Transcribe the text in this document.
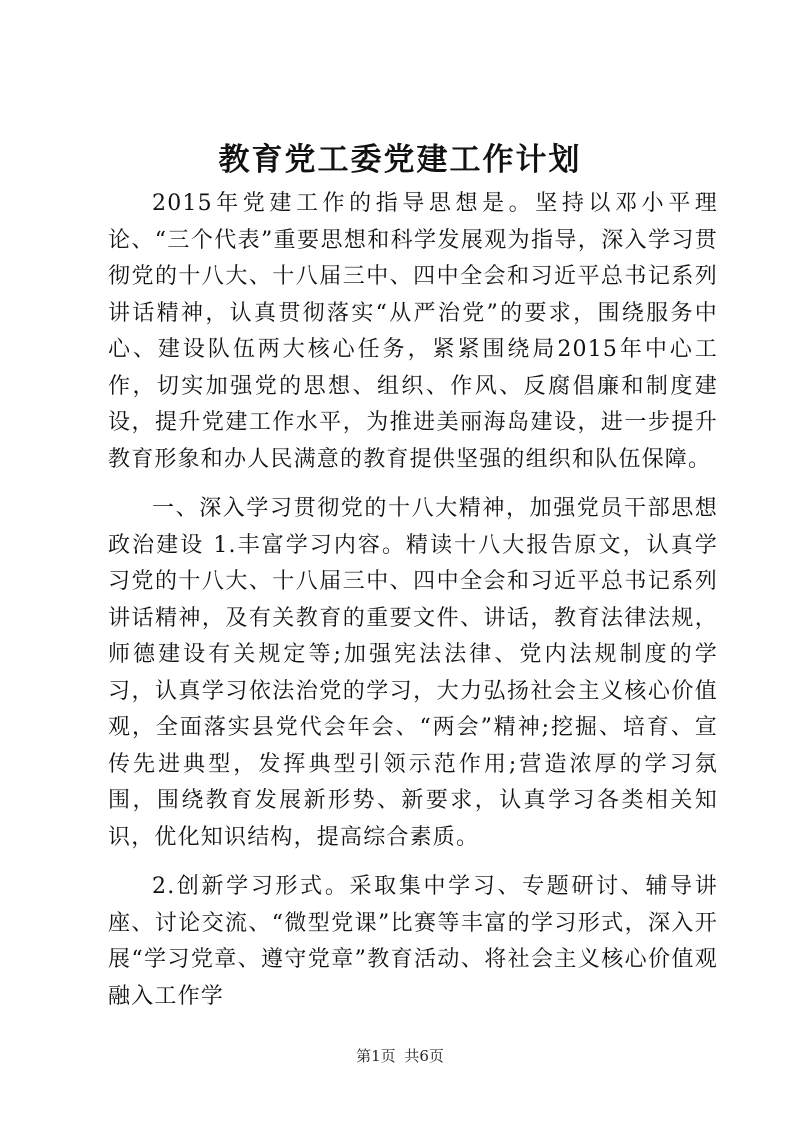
教育党工委党建工作计划

2015年党建工作的指导思想是。坚持以邓小平理论、“三个代表”重要思想和科学发展观为指导，深入学习贯彻党的十八大、十八届三中、四中全会和习近平总书记系列讲话精神，认真贯彻落实“从严治党”的要求，围绕服务中心、建设队伍两大核心任务，紧紧围绕局2015年中心工作，切实加强党的思想、组织、作风、反腐倡廉和制度建设，提升党建工作水平，为推进美丽海岛建设，进一步提升教育形象和办人民满意的教育提供坚强的组织和队伍保障。

一、深入学习贯彻党的十八大精神，加强党员干部思想政治建设 1.丰富学习内容。精读十八大报告原文，认真学习党的十八大、十八届三中、四中全会和习近平总书记系列讲话精神，及有关教育的重要文件、讲话，教育法律法规，师德建设有关规定等;加强宪法法律、党内法规制度的学习，认真学习依法治党的学习，大力弘扬社会主义核心价值观，全面落实县党代会年会、“两会”精神;挖掘、培育、宣传先进典型，发挥典型引领示范作用;营造浓厚的学习氛围，围绕教育发展新形势、新要求，认真学习各类相关知识，优化知识结构，提高综合素质。

2.创新学习形式。采取集中学习、专题研讨、辅导讲座、讨论交流、“微型党课”比赛等丰富的学习形式，深入开展“学习党章、遵守党章”教育活动、将社会主义核心价值观融入工作学

第1页 共6页
